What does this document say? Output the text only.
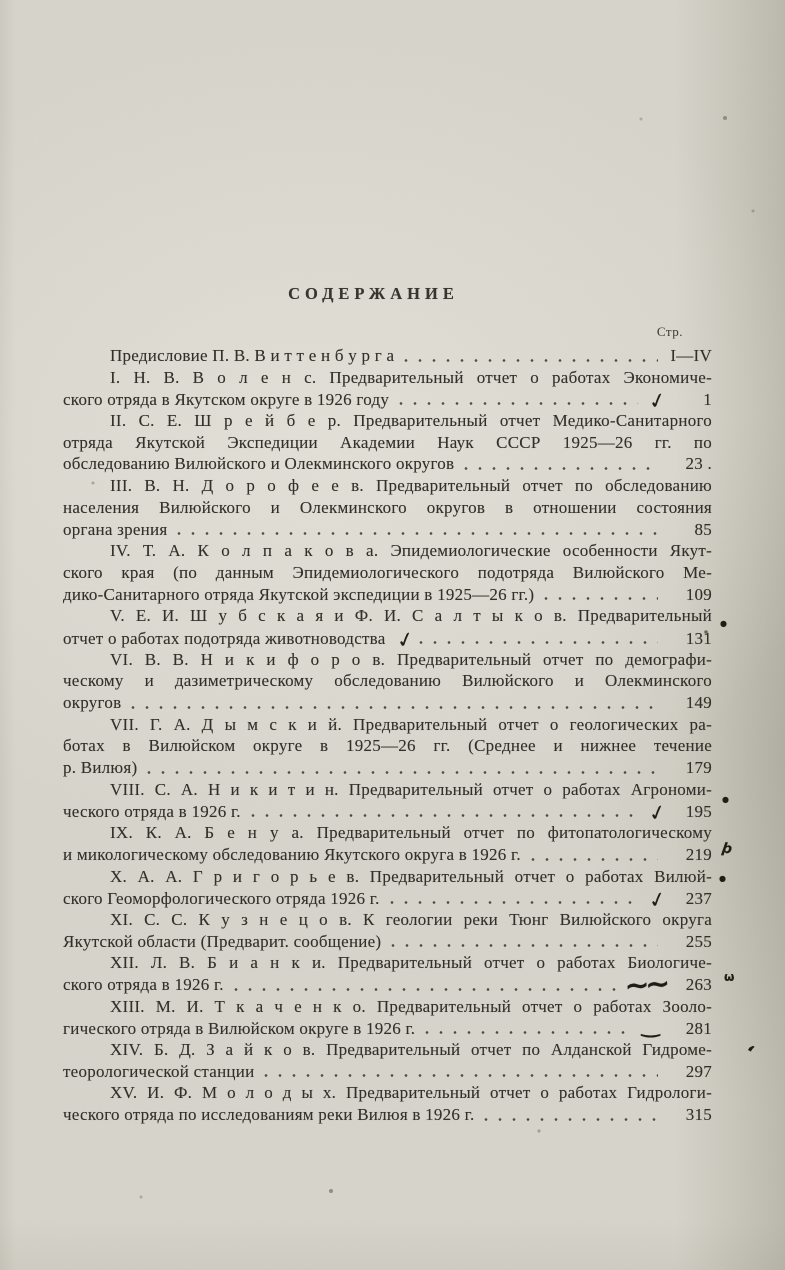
СОДЕРЖАНИЕ
Стр.
Предисловие П. В. В и т т е н б у р г а	I—IV
I. Н. В. В о л е н с. Предварительный отчет о работах Экономиче-
ского отряда в Якутском округе в 1926 году	✓	1
II. С. Е. Ш р е й б е р. Предварительный отчет Медико-Санитарного
отряда Якутской Экспедиции Академии Наук СССР 1925—26 гг. по
обследованию Вилюйского и Олекминского округов	23 .
III. В. Н. Д о р о ф е е в. Предварительный отчет по обследованию
населения Вилюйского и Олекминского округов в отношении состояния
органа зрения	85
IV. Т. А. К о л п а к о в а. Эпидемиологические особенности Якут-
ского края (по данным Эпидемиологического подотряда Вилюйского Ме-
дико-Санитарного отряда Якутской экспедиции в 1925—26 гг.)	109
V. Е. И. Ш у б с к а я и Ф. И. С а л т ы к о в. Предварительный
отчет о работах подотряда животноводства ✓	131
●
VI. В. В. Н и к и ф о р о в. Предварительный отчет по демографи-
ческому и дазиметрическому обследованию Вилюйского и Олекминского
округов	149
VII. Г. А. Д ы м с к и й. Предварительный отчет о геологических ра-
ботах в Вилюйском округе в 1925—26 гг. (Среднее и нижнее течение
р. Вилюя)	179
VIII. С. А. Н и к и т и н. Предварительный отчет о работах Агрономи-
ческого отряда в 1926 г.	✓ 195
●
IX. К. А. Б е н у а. Предварительный отчет по фитопатологическому
и микологическому обследованию Якутского округа в 1926 г.	219 þ
X. А. А. Г р и г о р ь е в. Предварительный отчет о работах Вилюй-
ского Геоморфологического отряда 1926 г.	✓ 237
●
XI. С. С. К у з н е ц о в. К геологии реки Тюнг Вилюйского округа
Якутской области (Предварит. сообщение)	255
XII. Л. В. Б и а н к и. Предварительный отчет о работах Биологиче-
ского отряда в 1926 г.	~~	263 ω
XIII. М. И. Т к а ч е н к о. Предварительный отчет о работах Зооло-
гического отряда в Вилюйском округе в 1926 г.	‿	281
XIV. Б. Д. З а й к о в. Предварительный отчет по Алданской Гидроме-
теорологической станции	297
,
XV. И. Ф. М о л о д ы х. Предварительный отчет о работах Гидрологи-
ческого отряда по исследованиям реки Вилюя в 1926 г.	315
